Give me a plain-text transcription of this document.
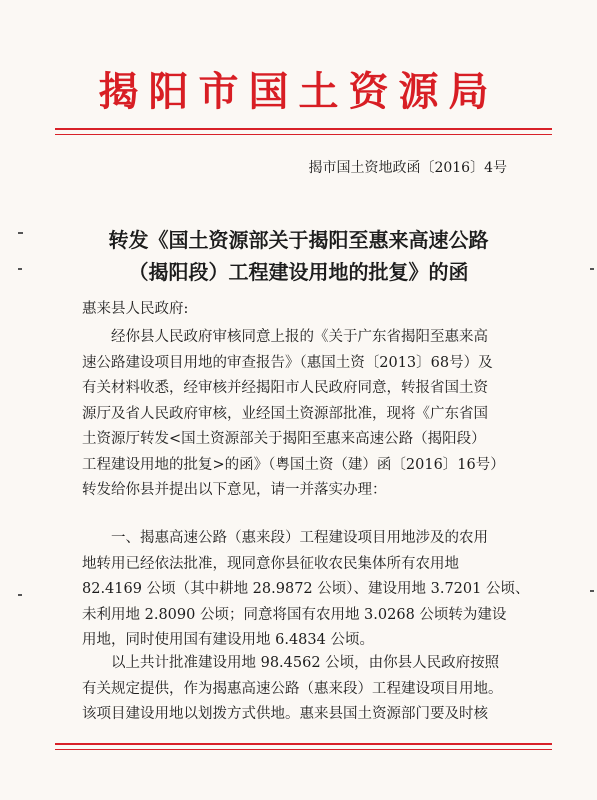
揭阳市国土资源局
揭市国土资地政函〔2016〕4号
转发《国土资源部关于揭阳至惠来高速公路
（揭阳段）工程建设用地的批复》的函
惠来县人民政府:
经你县人民政府审核同意上报的《关于广东省揭阳至惠来高
速公路建设项目用地的审查报告》（惠国土资〔2013〕68号）及
有关材料收悉，经审核并经揭阳市人民政府同意，转报省国土资
源厅及省人民政府审核，业经国土资源部批准，现将《广东省国
土资源厅转发<国土资源部关于揭阳至惠来高速公路（揭阳段）
工程建设用地的批复>的函》（粤国土资（建）函〔2016〕16号）
转发给你县并提出以下意见，请一并落实办理：
一、揭惠高速公路（惠来段）工程建设项目用地涉及的农用
地转用已经依法批准，现同意你县征收农民集体所有农用地
82.4169 公顷（其中耕地 28.9872 公顷）、建设用地 3.7201 公顷、
未利用地 2.8090 公顷；同意将国有农用地 3.0268 公顷转为建设
用地，同时使用国有建设用地 6.4834 公顷。
以上共计批准建设用地 98.4562 公顷，由你县人民政府按照
有关规定提供，作为揭惠高速公路（惠来段）工程建设项目用地。
该项目建设用地以划拨方式供地。惠来县国土资源部门要及时核
